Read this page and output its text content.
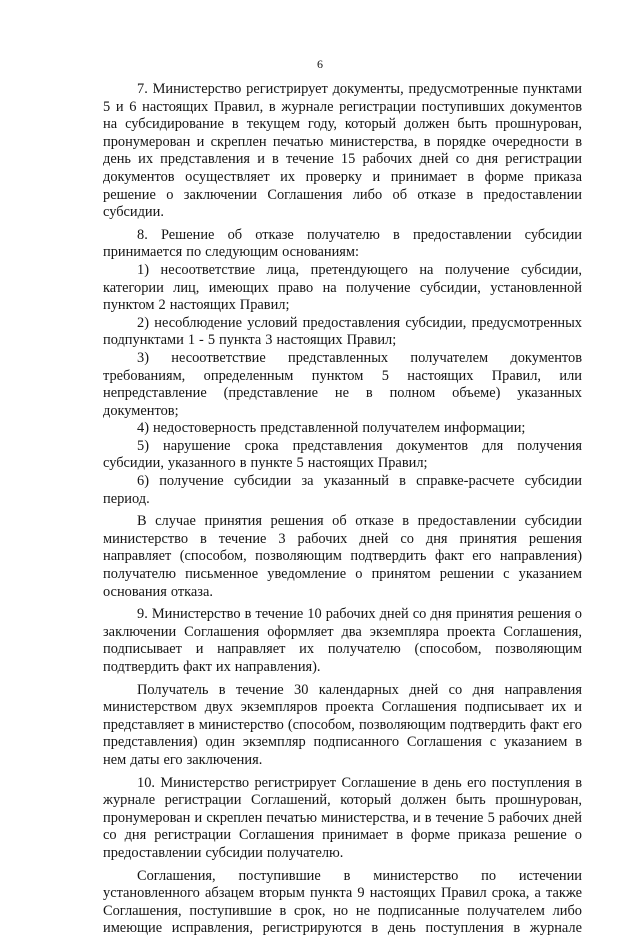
6

7. Министерство регистрирует документы, предусмотренные пунктами 5 и 6 настоящих Правил, в журнале регистрации поступивших документов на субсидирование в текущем году, который должен быть прошнурован, пронумерован и скреплен печатью министерства, в порядке очередности в день их представления и в течение 15 рабочих дней со дня регистрации документов осуществляет их проверку и принимает в форме приказа решение о заключении Соглашения либо об отказе в предоставлении субсидии.

8. Решение об отказе получателю в предоставлении субсидии принимается по следующим основаниям:

1) несоответствие лица, претендующего на получение субсидии, категории лиц, имеющих право на получение субсидии, установленной пунктом 2 настоящих Правил;

2) несоблюдение условий предоставления субсидии, предусмотренных подпунктами 1 - 5 пункта 3 настоящих Правил;

3) несоответствие представленных получателем документов требованиям, определенным пунктом 5 настоящих Правил, или непредставление (представление не в полном объеме) указанных документов;

4) недостоверность представленной получателем информации;

5) нарушение срока представления документов для получения субсидии, указанного в пункте 5 настоящих Правил;

6) получение субсидии за указанный в справке-расчете субсидии период.

В случае принятия решения об отказе в предоставлении субсидии министерство в течение 3 рабочих дней со дня принятия решения направляет (способом, позволяющим подтвердить факт его направления) получателю письменное уведомление о принятом решении с указанием основания отказа.

9. Министерство в течение 10 рабочих дней со дня принятия решения о заключении Соглашения оформляет два экземпляра проекта Соглашения, подписывает и направляет их получателю (способом, позволяющим подтвердить факт их направления).

Получатель в течение 30 календарных дней со дня направления министерством двух экземпляров проекта Соглашения подписывает их и представляет в министерство (способом, позволяющим подтвердить факт его представления) один экземпляр подписанного Соглашения с указанием в нем даты его заключения.

10. Министерство регистрирует Соглашение в день его поступления в журнале регистрации Соглашений, который должен быть прошнурован, пронумерован и скреплен печатью министерства, и в течение 5 рабочих дней со дня регистрации Соглашения принимает в форме приказа решение о предоставлении субсидии получателю.

Соглашения, поступившие в министерство по истечении установленного абзацем вторым пункта 9 настоящих Правил срока, а также Соглашения, поступившие в срок, но не подписанные получателем либо имеющие исправления, регистрируются в день поступления в журнале
